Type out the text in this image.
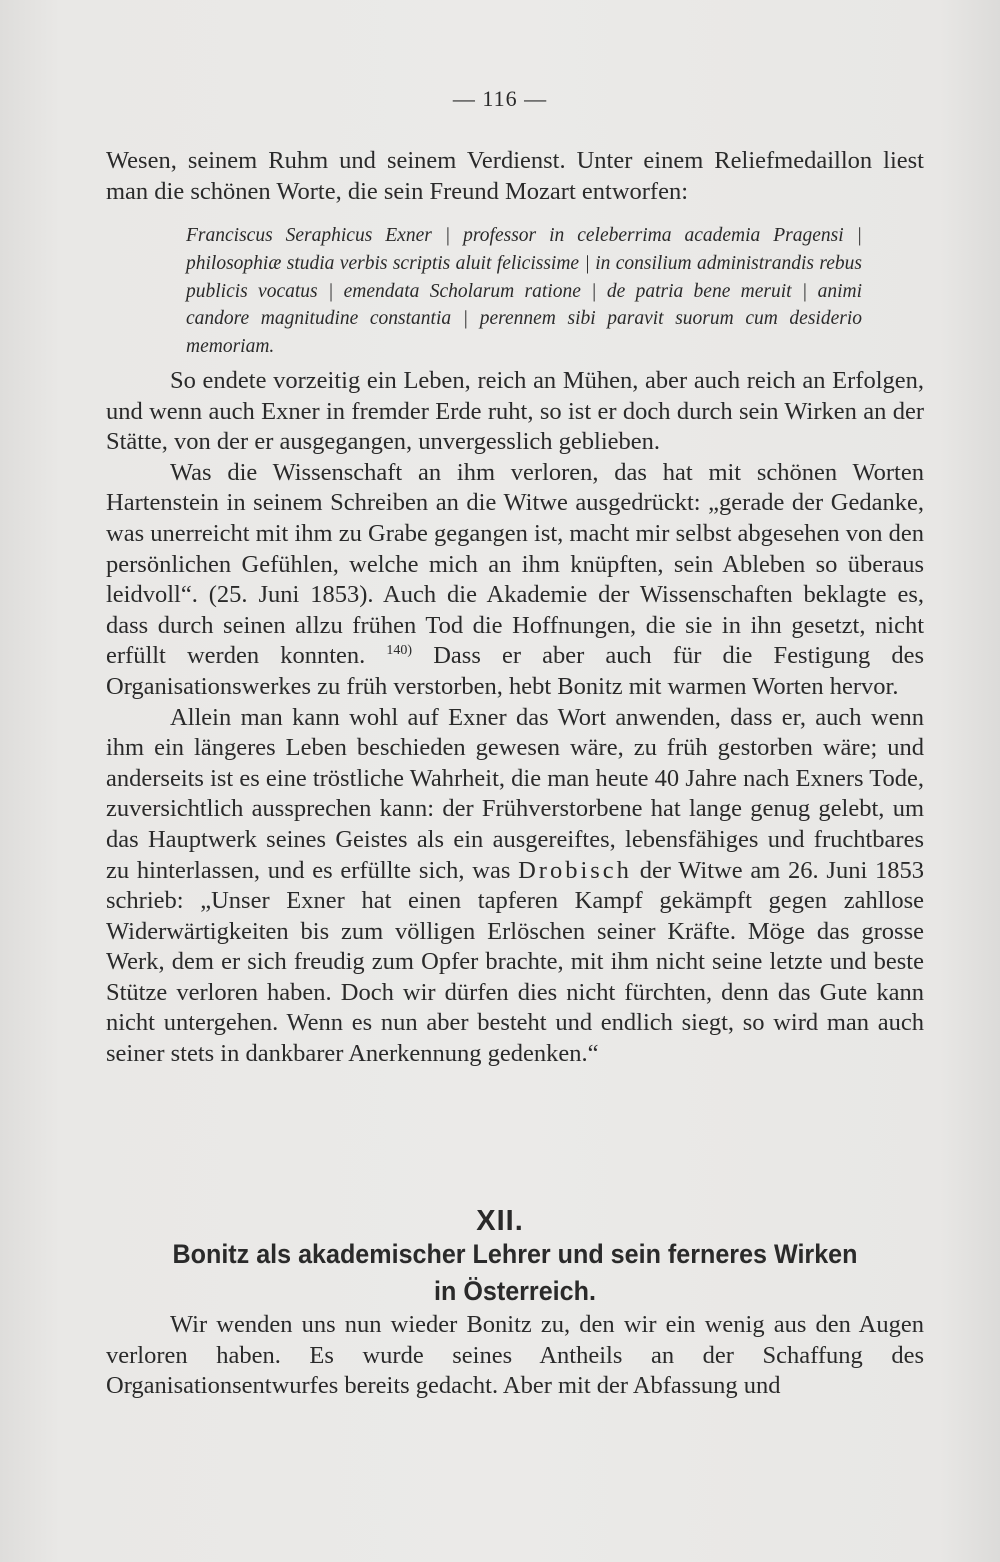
— 116 —

Wesen, seinem Ruhm und seinem Verdienst. Unter einem Reliefmedaillon liest man die schönen Worte, die sein Freund Mozart entworfen:

Franciscus Seraphicus Exner | professor in celeberrima academia Pragensi | philosophiæ studia verbis scriptis aluit felicissime | in consilium administrandis rebus publicis vocatus | emendata Scholarum ratione | de patria bene meruit | animi candore magnitudine constantia | perennem sibi paravit suorum cum desiderio memoriam.

So endete vorzeitig ein Leben, reich an Mühen, aber auch reich an Erfolgen, und wenn auch Exner in fremder Erde ruht, so ist er doch durch sein Wirken an der Stätte, von der er ausgegangen, unvergesslich geblieben.

Was die Wissenschaft an ihm verloren, das hat mit schönen Worten Hartenstein in seinem Schreiben an die Witwe ausgedrückt: „gerade der Gedanke, was unerreicht mit ihm zu Grabe gegangen ist, macht mir selbst abgesehen von den persönlichen Gefühlen, welche mich an ihm knüpften, sein Ableben so überaus leidvoll“. (25. Juni 1853). Auch die Akademie der Wissenschaften beklagte es, dass durch seinen allzu frühen Tod die Hoffnungen, die sie in ihn gesetzt, nicht erfüllt werden konnten. $^{140)}$ Dass er aber auch für die Festigung des Organisationswerkes zu früh verstorben, hebt Bonitz mit warmen Worten hervor.

Allein man kann wohl auf Exner das Wort anwenden, dass er, auch wenn ihm ein längeres Leben beschieden gewesen wäre, zu früh gestorben wäre; und anderseits ist es eine tröstliche Wahrheit, die man heute 40 Jahre nach Exners Tode, zuversichtlich aussprechen kann: der Frühverstorbene hat lange genug gelebt, um das Hauptwerk seines Geistes als ein ausgereiftes, lebensfähiges und fruchtbares zu hinterlassen, und es erfüllte sich, was Drobisch der Witwe am 26. Juni 1853 schrieb: „Unser Exner hat einen tapferen Kampf gekämpft gegen zahllose Widerwärtigkeiten bis zum völligen Erlöschen seiner Kräfte. Möge das grosse Werk, dem er sich freudig zum Opfer brachte, mit ihm nicht seine letzte und beste Stütze verloren haben. Doch wir dürfen dies nicht fürchten, denn das Gute kann nicht untergehen. Wenn es nun aber besteht und endlich siegt, so wird man auch seiner stets in dankbarer Anerkennung gedenken.“

XII.
Bonitz als akademischer Lehrer und sein ferneres Wirken
in Österreich.

Wir wenden uns nun wieder Bonitz zu, den wir ein wenig aus den Augen verloren haben. Es wurde seines Antheils an der Schaffung des Organisationsentwurfes bereits gedacht. Aber mit der Abfassung und
